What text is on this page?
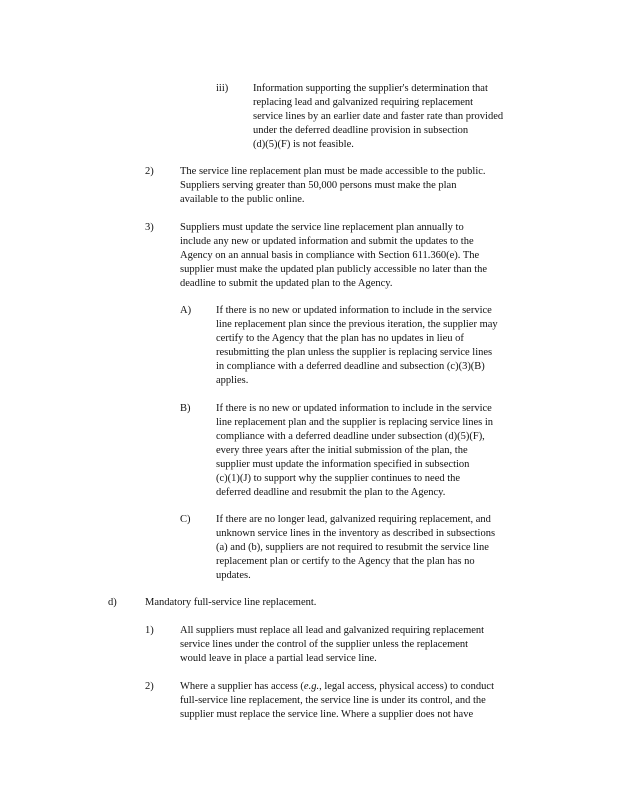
iii) Information supporting the supplier's determination that

replacing lead and galvanized requiring replacement

service lines by an earlier date and faster rate than provided

under the deferred deadline provision in subsection

(d)(5)(F) is not feasible.

2)	The service line replacement plan must be made accessible to the public.

Suppliers serving greater than 50,000 persons must make the plan

available to the public online.

3)	Suppliers must update the service line replacement plan annually to

include any new or updated information and submit the updates to the

Agency on an annual basis in compliance with Section 611.360(e). The

supplier must make the updated plan publicly accessible no later than the

deadline to submit the updated plan to the Agency.

A) If there is no new or updated information to include in the service

line replacement plan since the previous iteration, the supplier may

certify to the Agency that the plan has no updates in lieu of

resubmitting the plan unless the supplier is replacing service lines

in compliance with a deferred deadline and subsection (c)(3)(B)

applies.

B) If there is no new or updated information to include in the service

line replacement plan and the supplier is replacing service lines in

compliance with a deferred deadline under subsection (d)(5)(F),

every three years after the initial submission of the plan, the

supplier must update the information specified in subsection

(c)(1)(J) to support why the supplier continues to need the

deferred deadline and resubmit the plan to the Agency.

C) If there are no longer lead, galvanized requiring replacement, and

unknown service lines in the inventory as described in subsections

(a) and (b), suppliers are not required to resubmit the service line

replacement plan or certify to the Agency that the plan has no

updates.

d)	Mandatory full-service line replacement.

1)	All suppliers must replace all lead and galvanized requiring replacement

service lines under the control of the supplier unless the replacement

would leave in place a partial lead service line.

2)	Where a supplier has access (e.g., legal access, physical access) to conduct

full-service line replacement, the service line is under its control, and the

supplier must replace the service line. Where a supplier does not have
